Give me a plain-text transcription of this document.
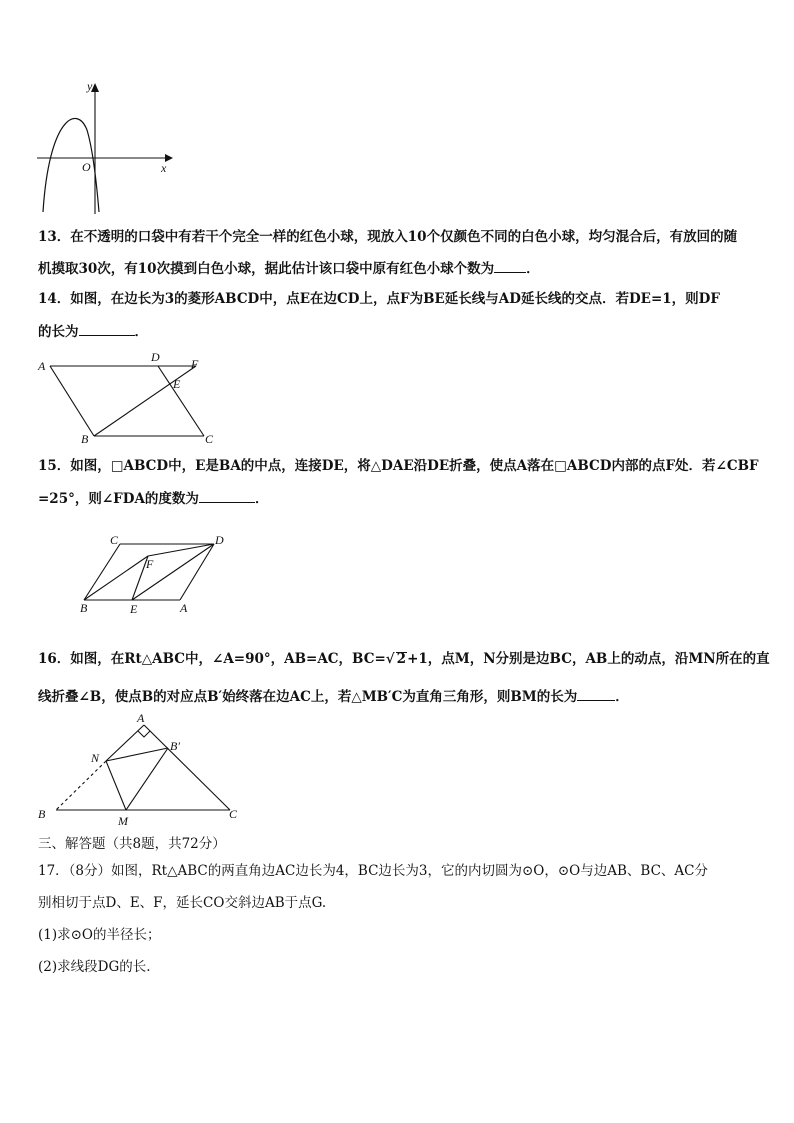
y
x
O
13．在不透明的口袋中有若干个完全一样的红色小球，现放入10个仅颜色不同的白色小球，均匀混合后，有放回的随
机摸取30次，有10次摸到白色小球，据此估计该口袋中原有红色小球个数为 ．
14．如图，在边长为3的菱形ABCD中，点E在边CD上，点F为BE延长线与AD延长线的交点．若DE=1，则DF
的长为	．
A
D	F
E
B	C
15．如图，□ABCD中，E是BA的中点，连接DE，将△DAE沿DE折叠，使点A落在□ABCD内部的点F处．若∠CBF
=25°，则∠FDA的度数为	．
C	D
F
B	E	A
16．如图，在Rt△ABC中，∠A=90°，AB=AC，BC=√ 2+1，点M，N分别是边BC，AB上的动点，沿MN所在的直
线折叠∠B，使点B的对应点B′始终落在边AC上，若△MB′C为直角三角形，则BM的长为	．
A
B′
N
B	M	C
三、解答题（共8题，共72分）
17．（8分）如图，Rt△ABC的两直角边AC边长为4，BC边长为3，它的内切圆为⊙O，⊙O与边AB、BC、AC分
别相切于点D、E、F，延长CO交斜边AB于点G.
(1)求⊙O的半径长；
(2)求线段DG的长.
